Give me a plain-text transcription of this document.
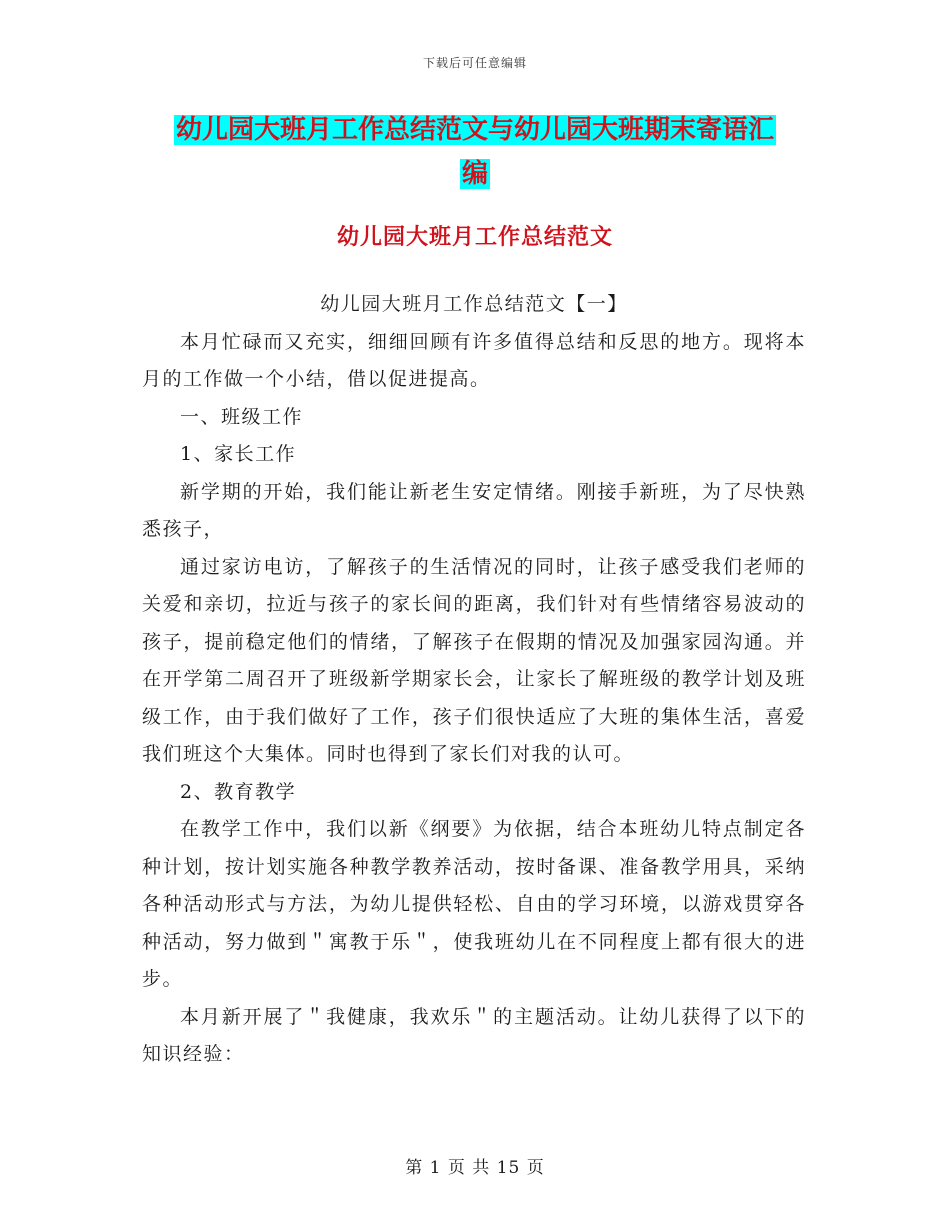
下载后可任意编辑
幼儿园大班月工作总结范文与幼儿园大班期末寄语汇
编
幼儿园大班月工作总结范文

幼儿园大班月工作总结范文【一】

本月忙碌而又充实，细细回顾有许多值得总结和反思的地方。现将本月的工作做一个小结，借以促进提高。

一、班级工作

1、家长工作

新学期的开始，我们能让新老生安定情绪。刚接手新班，为了尽快熟悉孩子，

通过家访电访，了解孩子的生活情况的同时，让孩子感受我们老师的关爱和亲切，拉近与孩子的家长间的距离，我们针对有些情绪容易波动的孩子，提前稳定他们的情绪，了解孩子在假期的情况及加强家园沟通。并在开学第二周召开了班级新学期家长会，让家长了解班级的教学计划及班级工作，由于我们做好了工作，孩子们很快适应了大班的集体生活，喜爱我们班这个大集体。同时也得到了家长们对我的认可。

2、教育教学

在教学工作中，我们以新《纲要》为依据，结合本班幼儿特点制定各种计划，按计划实施各种教学教养活动，按时备课、准备教学用具，采纳各种活动形式与方法，为幼儿提供轻松、自由的学习环境，以游戏贯穿各种活动，努力做到＂寓教于乐＂，使我班幼儿在不同程度上都有很大的进步。

本月新开展了＂我健康，我欢乐＂的主题活动。让幼儿获得了以下的知识经验：

第 1 页 共 15 页
